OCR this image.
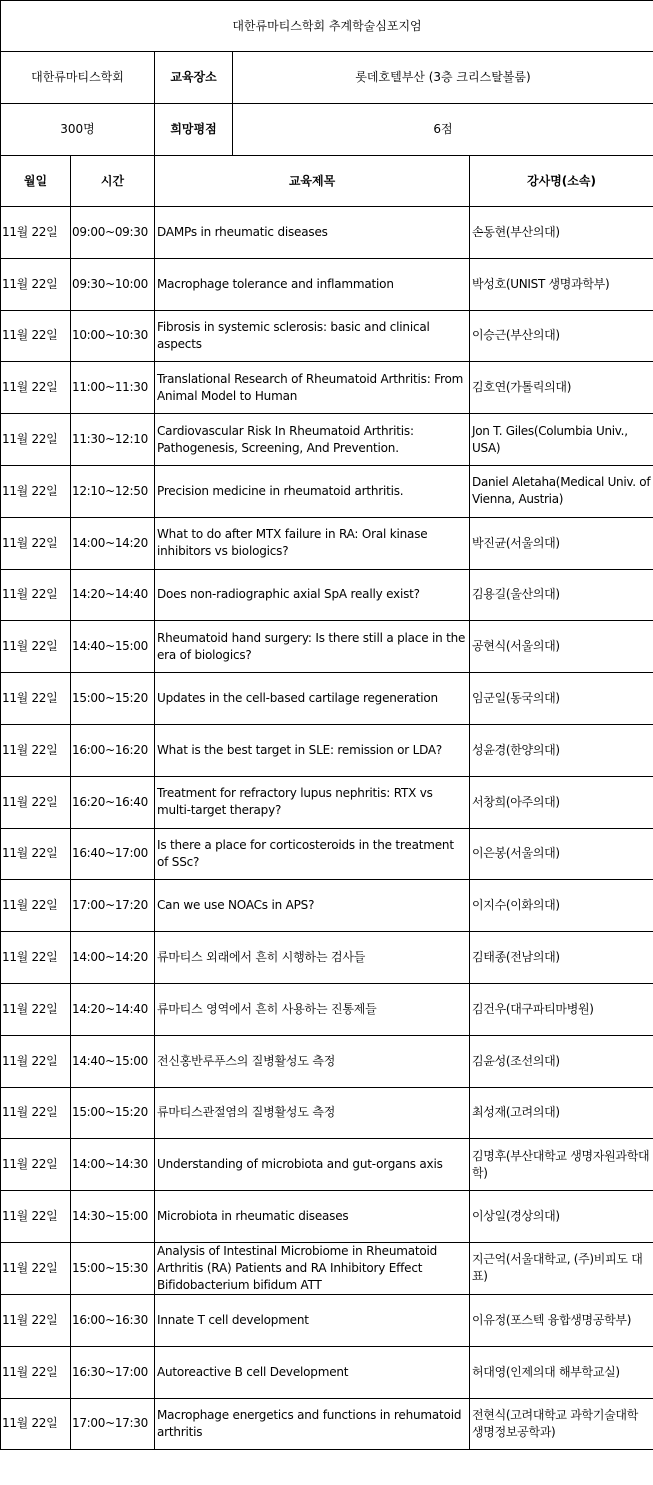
대한류마티스학회 추계학술심포지엄				
대한류마티스학회		교육장소	롯데호텔부산 (3층 크리스탈볼룸)	
300명		희망평점	6점	
월일	시간	교육제목		강사명(소속)
11월 22일	09:00~09:30	DAMPs in rheumatic diseases		손동현(부산의대)
11월 22일	09:30~10:00	Macrophage tolerance and inflammation		박성호(UNIST 생명과학부)
11월 22일	10:00~10:30	Fibrosis in systemic sclerosis: basic and clinical aspects		이승근(부산의대)
11월 22일	11:00~11:30	Translational Research of Rheumatoid Arthritis: From Animal Model to Human		김호연(가톨릭의대)
11월 22일	11:30~12:10	Cardiovascular Risk In Rheumatoid Arthritis: Pathogenesis, Screening, And Prevention.		Jon T. Giles(Columbia Univ., USA)
11월 22일	12:10~12:50	Precision medicine in rheumatoid arthritis.		Daniel Aletaha(Medical Univ. of Vienna, Austria)
11월 22일	14:00~14:20	What to do after MTX failure in RA: Oral kinase inhibitors vs biologics?		박진균(서울의대)
11월 22일	14:20~14:40	Does non-radiographic axial SpA really exist?		김용길(울산의대)
11월 22일	14:40~15:00	Rheumatoid hand surgery: Is there still a place in the era of biologics?		공현식(서울의대)
11월 22일	15:00~15:20	Updates in the cell-based cartilage regeneration		임군일(동국의대)
11월 22일	16:00~16:20	What is the best target in SLE: remission or LDA?		성윤경(한양의대)
11월 22일	16:20~16:40	Treatment for refractory lupus nephritis: RTX vs multi-target therapy?		서창희(아주의대)
11월 22일	16:40~17:00	Is there a place for corticosteroids in the treatment of SSc?		이은봉(서울의대)
11월 22일	17:00~17:20	Can we use NOACs in APS?		이지수(이화의대)
11월 22일	14:00~14:20	류마티스 외래에서 흔히 시행하는 검사들		김태종(전남의대)
11월 22일	14:20~14:40	류마티스 영역에서 흔히 사용하는 진통제들		김건우(대구파티마병원)
11월 22일	14:40~15:00	전신홍반루푸스의 질병활성도 측정		김윤성(조선의대)
11월 22일	15:00~15:20	류마티스관절염의 질병활성도 측정		최성재(고려의대)
11월 22일	14:00~14:30	Understanding of microbiota and gut-organs axis		김명후(부산대학교 생명자원과학대학)
11월 22일	14:30~15:00	Microbiota in rheumatic diseases		이상일(경상의대)
11월 22일	15:00~15:30	Analysis of Intestinal Microbiome in Rheumatoid Arthritis (RA) Patients and RA Inhibitory Effect Bifidobacterium bifidum ATT		지근억(서울대학교, (주)비피도 대표)
11월 22일	16:00~16:30	Innate T cell development		이유정(포스텍 융합생명공학부)
11월 22일	16:30~17:00	Autoreactive B cell Development		허대영(인제의대 해부학교실)
11월 22일	17:00~17:30	Macrophage energetics and functions in rehumatoid arthritis		전현식(고려대학교 과학기술대학 생명정보공학과)
